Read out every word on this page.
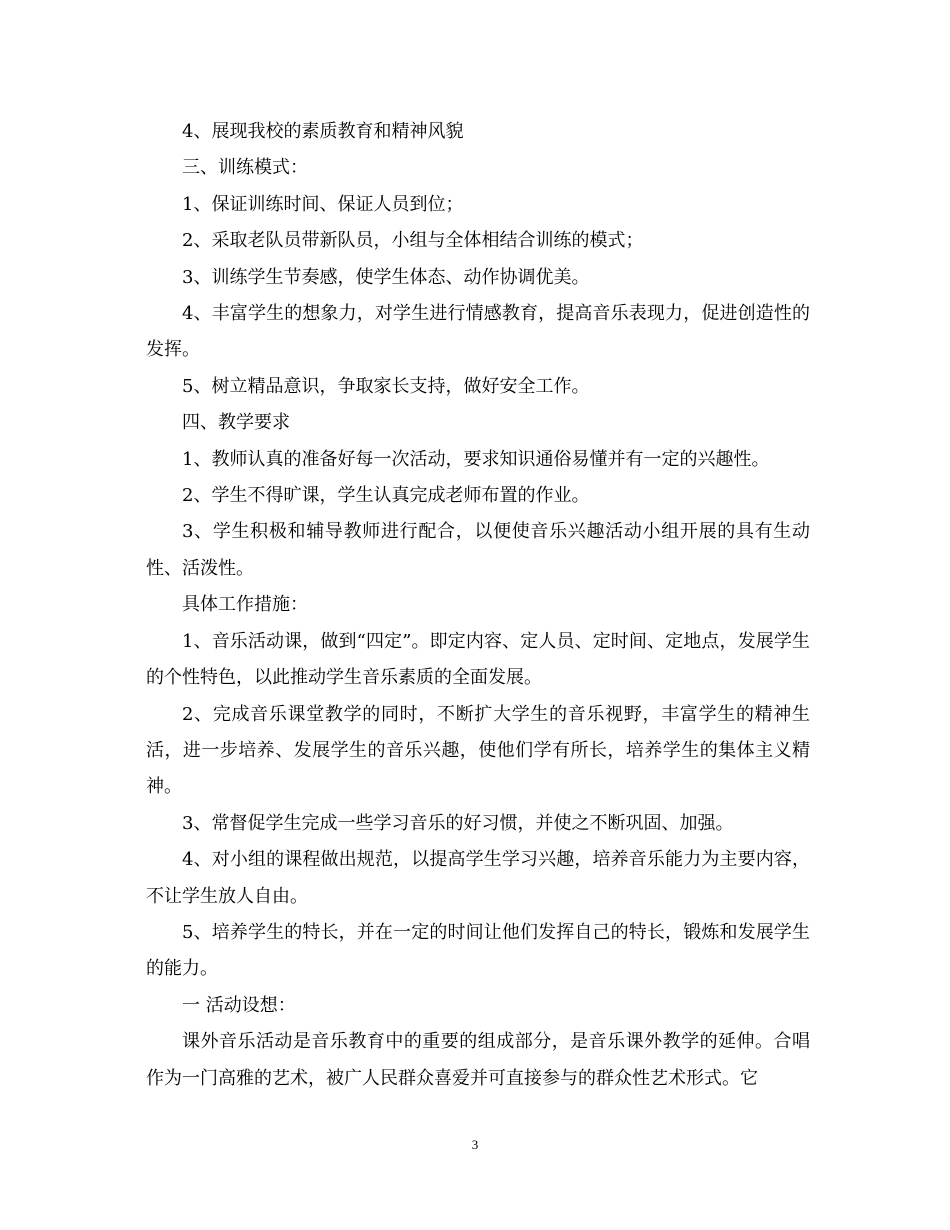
4、展现我校的素质教育和精神风貌

三、训练模式：

1、保证训练时间、保证人员到位；

2、采取老队员带新队员，小组与全体相结合训练的模式；

3、训练学生节奏感，使学生体态、动作协调优美。

4、丰富学生的想象力，对学生进行情感教育，提高音乐表现力，促进创造性的发挥。

5、树立精品意识，争取家长支持，做好安全工作。

四、教学要求

1、教师认真的准备好每一次活动，要求知识通俗易懂并有一定的兴趣性。

2、学生不得旷课，学生认真完成老师布置的作业。

3、学生积极和辅导教师进行配合，以便使音乐兴趣活动小组开展的具有生动性、活泼性。

具体工作措施：

1、音乐活动课，做到“四定”。即定内容、定人员、定时间、定地点，发展学生的个性特色，以此推动学生音乐素质的全面发展。

2、完成音乐课堂教学的同时，不断扩大学生的音乐视野，丰富学生的精神生活，进一步培养、发展学生的音乐兴趣，使他们学有所长，培养学生的集体主义精神。

3、常督促学生完成一些学习音乐的好习惯，并使之不断巩固、加强。

4、对小组的课程做出规范，以提高学生学习兴趣，培养音乐能力为主要内容，不让学生放人自由。

5、培养学生的特长，并在一定的时间让他们发挥自己的特长，锻炼和发展学生的能力。

一 活动设想：

课外音乐活动是音乐教育中的重要的组成部分，是音乐课外教学的延伸。合唱作为一门高雅的艺术，被广人民群众喜爱并可直接参与的群众性艺术形式。它

3
